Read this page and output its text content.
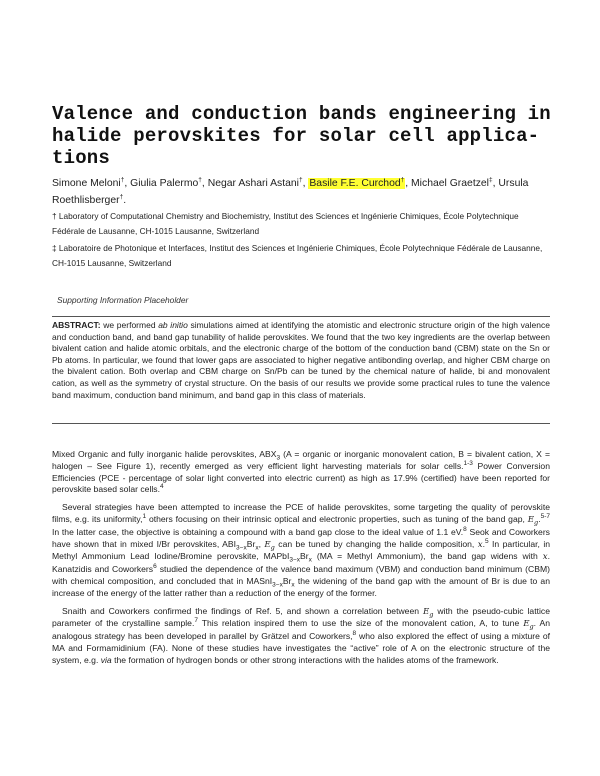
Valence and conduction bands engineering in halide perovskites for solar cell applica‐tions
Simone Meloni†, Giulia Palermo†, Negar Ashari Astani†, Basile F.E. Curchod†, Michael Graetzel‡, Ursula Roethlisberger†.
† Laboratory of Computational Chemistry and Biochemistry, Institut des Sciences et Ingénierie Chimiques, École Polytechnique Fédérale de Lausanne, CH-1015 Lausanne, Switzerland
‡ Laboratoire de Photonique et Interfaces, Institut des Sciences et Ingénierie Chimiques, École Polytechnique Fédérale de Lausanne, CH-1015 Lausanne, Switzerland
Supporting Information Placeholder
ABSTRACT: we performed ab initio simulations aimed at identifying the atomistic and electronic structure origin of the high valence and conduction band, and band gap tunability of halide perovskites. We found that the two key ingredients are the overlap between bivalent cation and halide atomic orbitals, and the electronic charge of the bottom of the conduction band (CBM) state on the Sn or Pb atoms. In particular, we found that lower gaps are associated to higher negative antibonding overlap, and higher CBM charge on the bivalent cation. Both overlap and CBM charge on Sn/Pb can be tuned by the chemical nature of halide, bi and monovalent cation, as well as the symmetry of crystal structure. On the basis of our results we provide some practical rules to tune the valence band maximum, conduction band minimum, and band gap in this class of materials.

Mixed Organic and fully inorganic halide perovskites, $ABX_3$ (A = organic or inorganic monovalent cation, B = bivalent cation, X = halogen – See Figure 1), recently emerged as very efficient light harvesting materials for solar cells.$^{1-3}$ Power Conversion Efficiencies (PCE - percentage of solar light converted into electric current) as high as 17.9% (certified) have been reported for perovskite based solar cells.$^4$

Several strategies have been attempted to increase the PCE of halide perovskites, some targeting the quality of perovskite films, e.g. its uniformity,$^1$ others focusing on their intrinsic optical and electronic properties, such as tuning of the band gap, $E_g.^{5-7}$ In the latter case, the objective is obtaining a compound with a band gap close to the ideal value of 1.1 eV.$^8$ Seok and Coworkers have shown that in mixed I/Br perovskites, $ABI_{3-x}Br_x$, $E_g$ can be tuned by changing the halide composition, x.$^5$ In particular, in Methyl Ammonium Lead Iodine/Bromine perovskite, $MAPbI_{3-x}Br_x$ (MA = Methyl Ammonium), the band gap widens with x. Kanatzidis and Coworkers$^6$ studied the dependence of the valence band maximum (VBM) and conduction band minimum (CBM) with chemical composition, and concluded that in $MASnI_{3-x}Br_x$ the widening of the band gap with the amount of Br is due to an increase of the energy of the latter rather than a reduction of the energy of the former.

Snaith and Coworkers confirmed the findings of Ref. 5, and shown a correlation between $E_g$ with the pseudo-cubic lattice parameter of the crystalline sample.$^7$ This relation inspired them to use the size of the monovalent cation, A, to tune $E_g$. An analogous strategy has been developed in parallel by Grätzel and Coworkers,$^8$ who also explored the effect of using a mixture of MA and Formamidinium (FA). None of these studies have investigates the “active” role of A on the electronic structure of the system, e.g. via the formation of hydrogen bonds or other strong interactions with the halides atoms of the framework.
